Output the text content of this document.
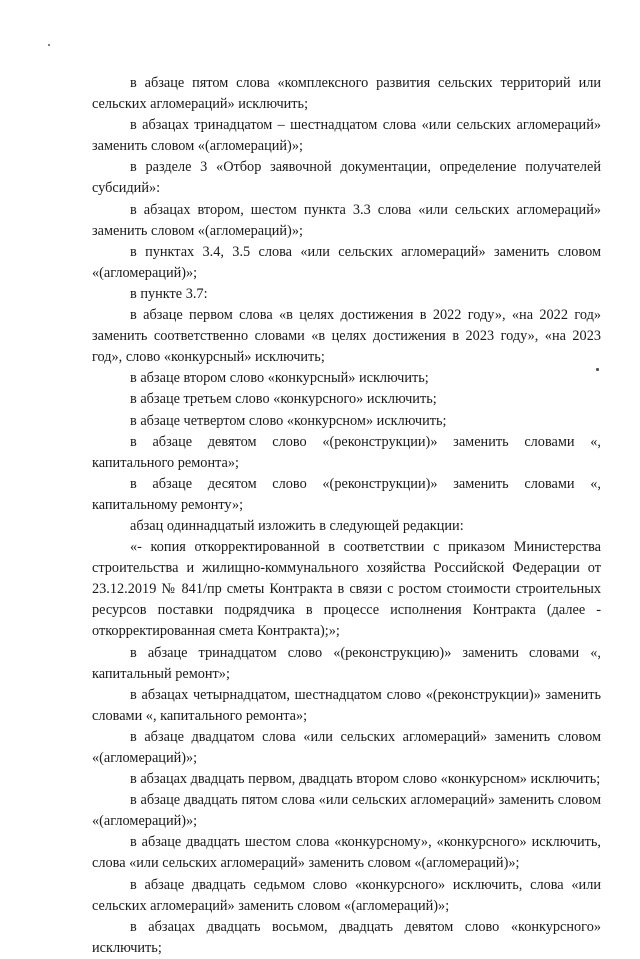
в абзаце пятом слова «комплексного развития сельских территорий или сельских агломераций» исключить;

в абзацах тринадцатом – шестнадцатом слова «или сельских агломераций» заменить словом «(агломераций)»;

в разделе 3 «Отбор заявочной документации, определение получателей субсидий»:

в абзацах втором, шестом пункта 3.3 слова «или сельских агломераций» заменить словом «(агломераций)»;

в пунктах 3.4, 3.5 слова «или сельских агломераций» заменить словом «(агломераций)»;

в пункте 3.7:

в абзаце первом слова «в целях достижения в 2022 году», «на 2022 год» заменить соответственно словами «в целях достижения в 2023 году», «на 2023 год», слово «конкурсный» исключить;

в абзаце втором слово «конкурсный» исключить;

в абзаце третьем слово «конкурсного» исключить;

в абзаце четвертом слово «конкурсном» исключить;

в абзаце девятом слово «(реконструкции)» заменить словами «, капитального ремонта»;

в абзаце десятом слово «(реконструкции)» заменить словами «, капитальному ремонту»;

абзац одиннадцатый изложить в следующей редакции:

«- копия откорректированной в соответствии с приказом Министерства строительства и жилищно-коммунального хозяйства Российской Федерации от 23.12.2019 № 841/пр сметы Контракта в связи с ростом стоимости строительных ресурсов поставки подрядчика в процессе исполнения Контракта (далее - откорректированная смета Контракта);»;

в абзаце тринадцатом слово «(реконструкцию)» заменить словами «, капитальный ремонт»;

в абзацах четырнадцатом, шестнадцатом слово «(реконструкции)» заменить словами «, капитального ремонта»;

в абзаце двадцатом слова «или сельских агломераций» заменить словом «(агломераций)»;

в абзацах двадцать первом, двадцать втором слово «конкурсном» исключить;

в абзаце двадцать пятом слова «или сельских агломераций» заменить словом «(агломераций)»;

в абзаце двадцать шестом слова «конкурсному», «конкурсного» исключить, слова «или сельских агломераций» заменить словом «(агломераций)»;

в абзаце двадцать седьмом слово «конкурсного» исключить, слова «или сельских агломераций» заменить словом «(агломераций)»;

в абзацах двадцать восьмом, двадцать девятом слово «конкурсного» исключить;
